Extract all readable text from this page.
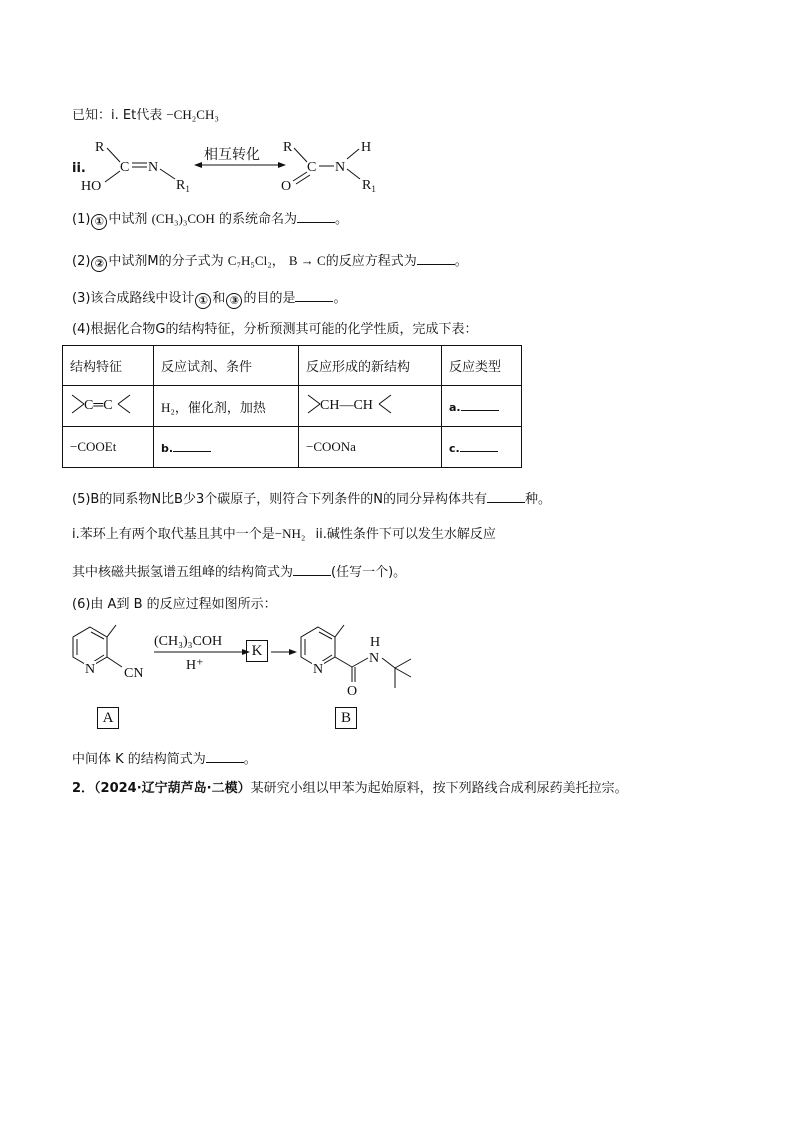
已知：i. Et代表 −CH₂CH₃
ii.
R
C N
$R_1$
HO
相互转化 R
C N
H
$R_1$
O
(1) ① 中试剂 (CH₃)₃COH 的系统命名为	。
(2) ② 中试剂M的分子式为 C₇H₅Cl₂， B → C的反应方程式为	。
(3)该合成路线中设计 ① 和 ③ 的目的是	。
(4)根据化合物G的结构特征，分析预测其可能的化学性质，完成下表：
结构特征	反应试剂、条件	反应形成的新结构	反应类型

C═C	H₂，催化剂，加热	CH—CH	a.
−COOEt	b.	−COONa	c.
(5)B的同系物N比B少3个碳原子，则符合下列条件的N的同分异构体共有	种。
i.苯环上有两个取代基且其中一个是−NH₂ ii.碱性条件下可以发生水解反应
其中核磁共振氢谱五组峰的结构简式为	(任写一个)。
(6)由 A到 B 的反应过程如图所示：
N CN
(CH₃)₃COH
H⁺	N
O
N
H
K
A	B
中间体 K 的结构简式为	。
2．（2024·辽宁葫芦岛·二模）某研究小组以甲苯为起始原料，按下列路线合成利尿药美托拉宗。
